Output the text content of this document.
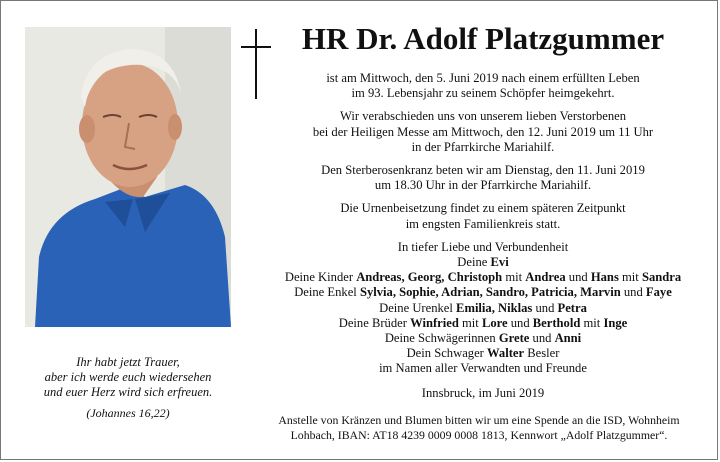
Ihr habt jetzt Trauer,
aber ich werde euch wiedersehen
und euer Herz wird sich erfreuen.
(Johannes 16,22)
HR Dr. Adolf Platzgummer
ist am Mittwoch, den 5. Juni 2019 nach einem erfüllten Leben
im 93. Lebensjahr zu seinem Schöpfer heimgekehrt.
Wir verabschieden uns von unserem lieben Verstorbenen
bei der Heiligen Messe am Mittwoch, den 12. Juni 2019 um 11 Uhr
in der Pfarrkirche Mariahilf.
Den Sterberosenkranz beten wir am Dienstag, den 11. Juni 2019
um 18.30 Uhr in der Pfarrkirche Mariahilf.
Die Urnenbeisetzung findet zu einem späteren Zeitpunkt
im engsten Familienkreis statt.
In tiefer Liebe und Verbundenheit
Deine Evi
Deine Kinder Andreas, Georg, Christoph mit Andrea und Hans mit Sandra
Deine Enkel Sylvia, Sophie, Adrian, Sandro, Patricia, Marvin und Faye
Deine Urenkel Emilia, Niklas und Petra
Deine Brüder Winfried mit Lore und Berthold mit Inge
Deine Schwägerinnen Grete und Anni
Dein Schwager Walter Besler
im Namen aller Verwandten und Freunde
Innsbruck, im Juni 2019
Anstelle von Kränzen und Blumen bitten wir um eine Spende an die ISD, Wohnheim
Lohbach, IBAN: AT18 4239 0009 0008 1813, Kennwort „Adolf Platzgummer“.
